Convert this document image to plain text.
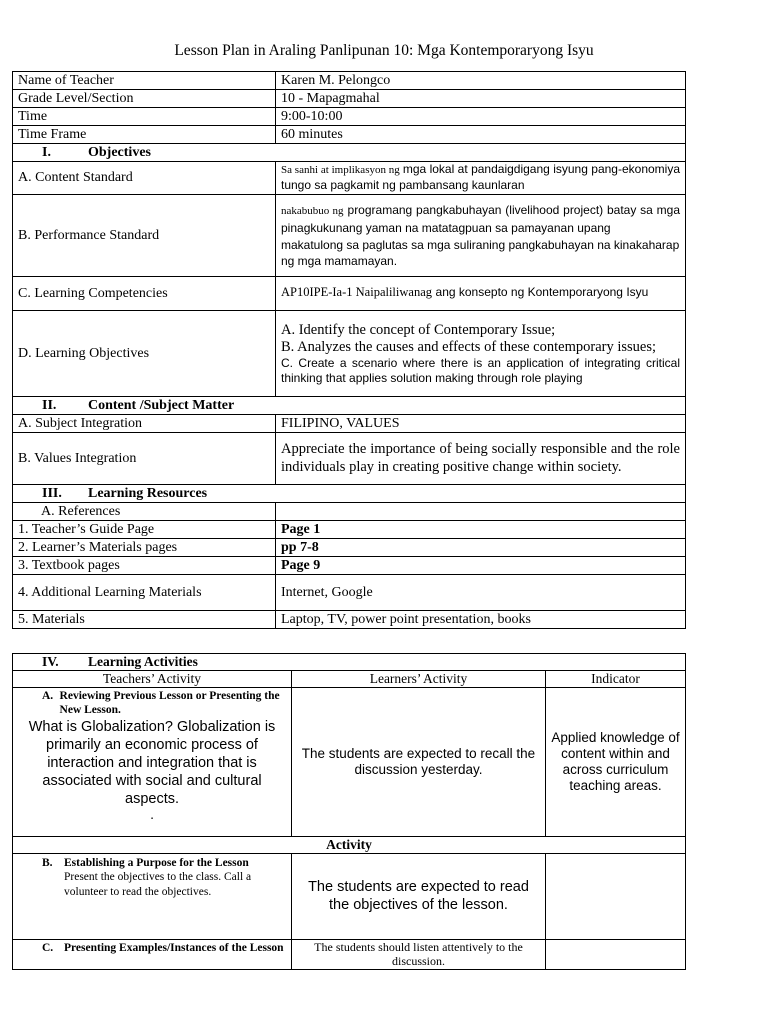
Lesson Plan in Araling Panlipunan 10: Mga Kontemporaryong Isyu
Name of Teacher	Karen M. Pelongco
Grade Level/Section	10 - Mapagmahal
Time	9:00-10:00
Time Frame	60 minutes
I. Objectives	
A. Content Standard	Sa sanhi at implikasyon ng mga lokal at pandaigdigang isyung pang-ekonomiya tungo sa pagkamit ng pambansang kaunlaran
B. Performance Standard	nakabubuo ng programang pangkabuhayan (livelihood project) batay sa mga pinagkukunang yaman na matatagpuan sa pamayanan upang
makatulong sa paglutas sa mga suliraning pangkabuhayan na kinakaharap ng mga mamamayan.

C. Learning Competencies	AP10IPE-Ia-1 Naipaliliwanag ang konsepto ng Kontemporaryong Isyu
D. Learning Objectives	A. Identify the concept of Contemporary Issue;
B. Analyzes the causes and effects of these contemporary issues;
C. Create a scenario where there is an application of integrating critical thinking that applies solution making through role playing

II. Content /Subject Matter	
A. Subject Integration	FILIPINO, VALUES
B. Values Integration	Appreciate the importance of being socially responsible and the role individuals play in creating positive change within society.
III. Learning Resources	
A. References	
1. Teacher’s Guide Page	Page 1
2. Learner’s Materials pages	pp 7-8
3. Textbook pages	Page 9
4. Additional Learning Materials	Internet, Google
5. Materials	Laptop, TV, power point presentation, books
IV. Learning Activities		
Teachers’ Activity	Learners’ Activity	Indicator

A. Reviewing Previous Lesson or Presenting the New Lesson.
What is Globalization? Globalization is primarily an economic process of interaction and integration that is associated with social and cultural aspects.
.	The students are expected to recall the discussion yesterday.	Applied knowledge of content within and across curriculum teaching areas.
Activity		

B. Establishing a Purpose for the Lesson
Present the objectives to the class. Call a volunteer to read the objectives.	The students are expected to read the objectives of the lesson.	

C. Presenting Examples/Instances of the Lesson	The students should listen attentively to the discussion.	
